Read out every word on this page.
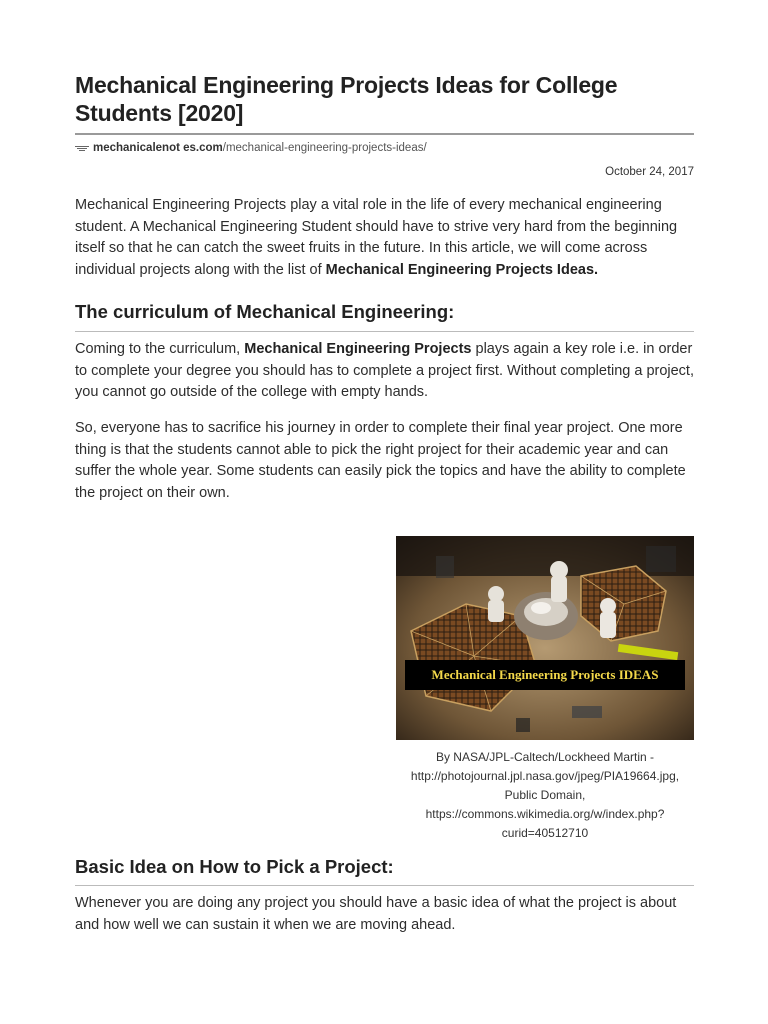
Mechanical Engineering Projects Ideas for College Students [2020]
mechanicalenot es.com/mechanical-engineering-projects-ideas/
October 24, 2017

Mechanical Engineering Projects play a vital role in the life of every mechanical engineering student. A Mechanical Engineering Student should have to strive very hard from the beginning itself so that he can catch the sweet fruits in the future. In this article, we will come across individual projects along with the list of Mechanical Engineering Projects Ideas.

The curriculum of Mechanical Engineering:

Coming to the curriculum, Mechanical Engineering Projects plays again a key role i.e. in order to complete your degree you should has to complete a project first. Without completing a project, you cannot go outside of the college with empty hands.

So, everyone has to sacrifice his journey in order to complete their final year project. One more thing is that the students cannot able to pick the right project for their academic year and can suffer the whole year. Some students can easily pick the topics and have the ability to complete the project on their own.

Mechanical Engineering Projects IDEAS

By NASA/JPL-Caltech/Lockheed Martin -
http://photojournal.jpl.nasa.gov/jpeg/PIA19664.jpg,
Public Domain,
https://commons.wikimedia.org/w/index.php?
curid=40512710

Basic Idea on How to Pick a Project:

Whenever you are doing any project you should have a basic idea of what the project is about and how well we can sustain it when we are moving ahead.
